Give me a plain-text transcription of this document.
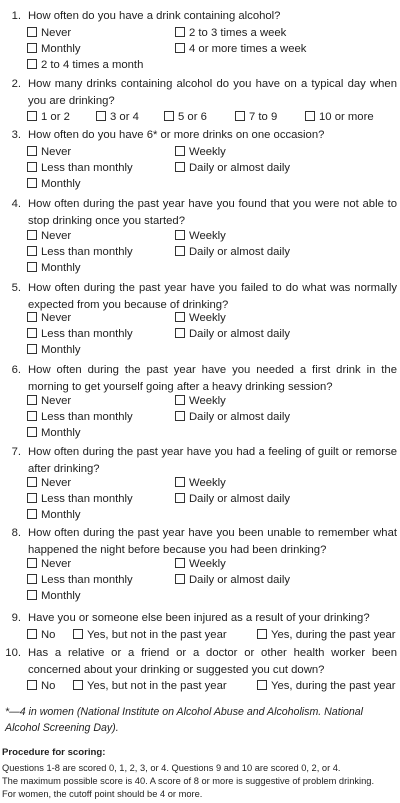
1. How often do you have a drink containing alcohol?
Never	2 to 3 times a week
Monthly	4 or more times a week
2 to 4 times a month
2. How many drinks containing alcohol do you have on a typical day when you are drinking?
1 or 2	3 or 4	5 or 6	7 to 9	10 or more
3. How often do you have 6* or more drinks on one occasion?
Never	Weekly
Less than monthly	Daily or almost daily
Monthly
4. How often during the past year have you found that you were not able to stop drinking once you started?
Never	Weekly
Less than monthly	Daily or almost daily
Monthly
5. How often during the past year have you failed to do what was normally expected from you because of drinking?
Never	Weekly
Less than monthly	Daily or almost daily
Monthly
6. How often during the past year have you needed a first drink in the morning to get yourself going after a heavy drinking session?
Never	Weekly
Less than monthly	Daily or almost daily
Monthly
7. How often during the past year have you had a feeling of guilt or remorse after drinking?
Never	Weekly
Less than monthly	Daily or almost daily
Monthly
8. How often during the past year have you been unable to remember what happened the night before because you had been drinking?
Never	Weekly
Less than monthly	Daily or almost daily
Monthly
9. Have you or someone else been injured as a result of your drinking?
No	Yes, but not in the past year	Yes, during the past year
10. Has a relative or a friend or a doctor or other health worker been concerned about your drinking or suggested you cut down?
No	Yes, but not in the past year	Yes, during the past year
*—4 in women (National Institute on Alcohol Abuse and Alcoholism. National Alcohol Screening Day).
Procedure for scoring:
Questions 1-8 are scored 0, 1, 2, 3, or 4. Questions 9 and 10 are scored 0, 2, or 4.
The maximum possible score is 40. A score of 8 or more is suggestive of problem drinking.
For women, the cutoff point should be 4 or more.
